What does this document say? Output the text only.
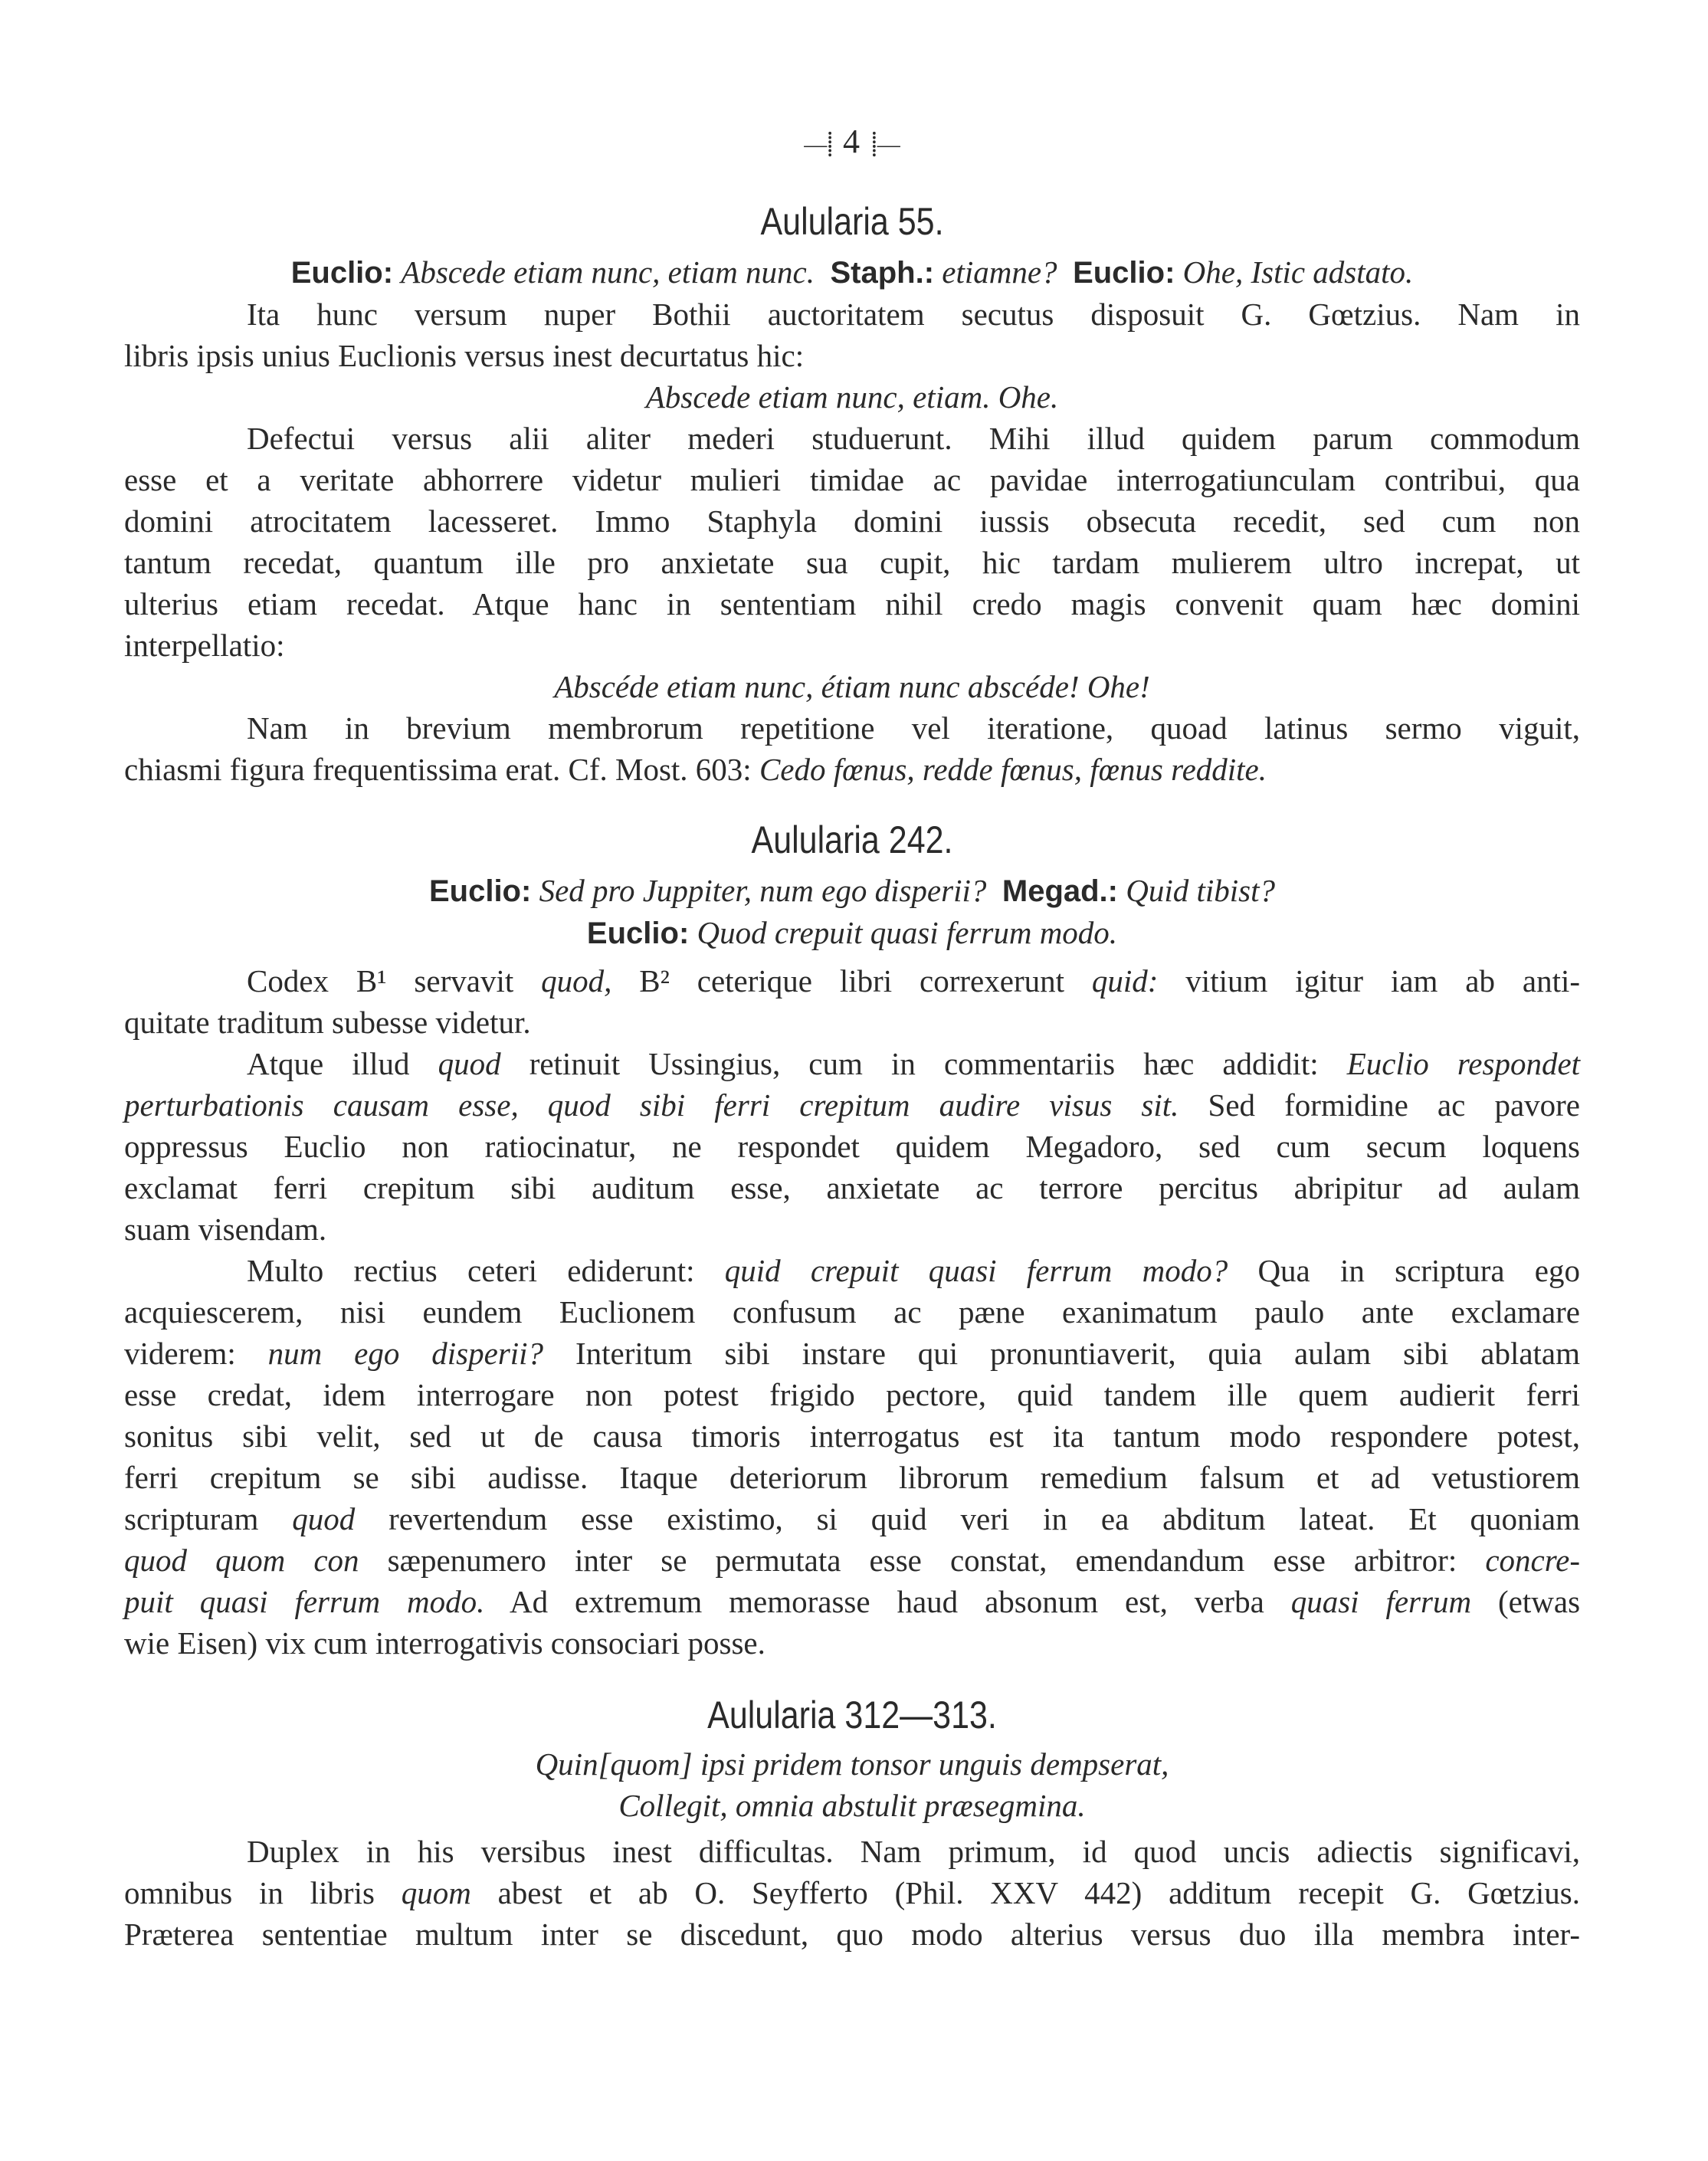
—⸽ 4 ⸽—
Aulularia 55.
Euclio: Abscede etiam nunc, etiam nunc. Staph.: etiamne? Euclio: Ohe, Istic adstato.
Ita hunc versum nuper Bothii auctoritatem secutus disposuit G. Gœtzius. Nam in
libris ipsis unius Euclionis versus inest decurtatus hic:
Abscede etiam nunc, etiam. Ohe.
Defectui versus alii aliter mederi studuerunt. Mihi illud quidem parum commodum
esse et a veritate abhorrere videtur mulieri timidae ac pavidae interrogatiunculam contribui, qua
domini atrocitatem lacesseret. Immo Staphyla domini iussis obsecuta recedit, sed cum non
tantum recedat, quantum ille pro anxietate sua cupit, hic tardam mulierem ultro increpat, ut
ulterius etiam recedat. Atque hanc in sententiam nihil credo magis convenit quam hæc domini
interpellatio:
Abscéde etiam nunc, étiam nunc abscéde! Ohe!
Nam in brevium membrorum repetitione vel iteratione, quoad latinus sermo viguit,
chiasmi figura frequentissima erat. Cf. Most. 603: Cedo fœnus, redde fœnus, fœnus reddite.
Aulularia 242.
Euclio: Sed pro Juppiter, num ego disperii? Megad.: Quid tibist?
Euclio: Quod crepuit quasi ferrum modo.
Codex B¹ servavit quod, B² ceterique libri correxerunt quid: vitium igitur iam ab anti-
quitate traditum subesse videtur.
Atque illud quod retinuit Ussingius, cum in commentariis hæc addidit: Euclio respondet
perturbationis causam esse, quod sibi ferri crepitum audire visus sit. Sed formidine ac pavore
oppressus Euclio non ratiocinatur, ne respondet quidem Megadoro, sed cum secum loquens
exclamat ferri crepitum sibi auditum esse, anxietate ac terrore percitus abripitur ad aulam
suam visendam.
Multo rectius ceteri ediderunt: quid crepuit quasi ferrum modo? Qua in scriptura ego
acquiescerem, nisi eundem Euclionem confusum ac pæne exanimatum paulo ante exclamare
viderem: num ego disperii? Interitum sibi instare qui pronuntiaverit, quia aulam sibi ablatam
esse credat, idem interrogare non potest frigido pectore, quid tandem ille quem audierit ferri
sonitus sibi velit, sed ut de causa timoris interrogatus est ita tantum modo respondere potest,
ferri crepitum se sibi audisse. Itaque deteriorum librorum remedium falsum et ad vetustiorem
scripturam quod revertendum esse existimo, si quid veri in ea abditum lateat. Et quoniam
quod quom con sæpenumero inter se permutata esse constat, emendandum esse arbitror: concre-
puit quasi ferrum modo. Ad extremum memorasse haud absonum est, verba quasi ferrum (etwas
wie Eisen) vix cum interrogativis consociari posse.
Aulularia 312—313.
Quin[quom] ipsi pridem tonsor unguis dempserat,
Collegit, omnia abstulit præsegmina.
Duplex in his versibus inest difficultas. Nam primum, id quod uncis adiectis significavi,
omnibus in libris quom abest et ab O. Seyfferto (Phil. XXV 442) additum recepit G. Gœtzius.
Præterea sententiae multum inter se discedunt, quo modo alterius versus duo illa membra inter-
